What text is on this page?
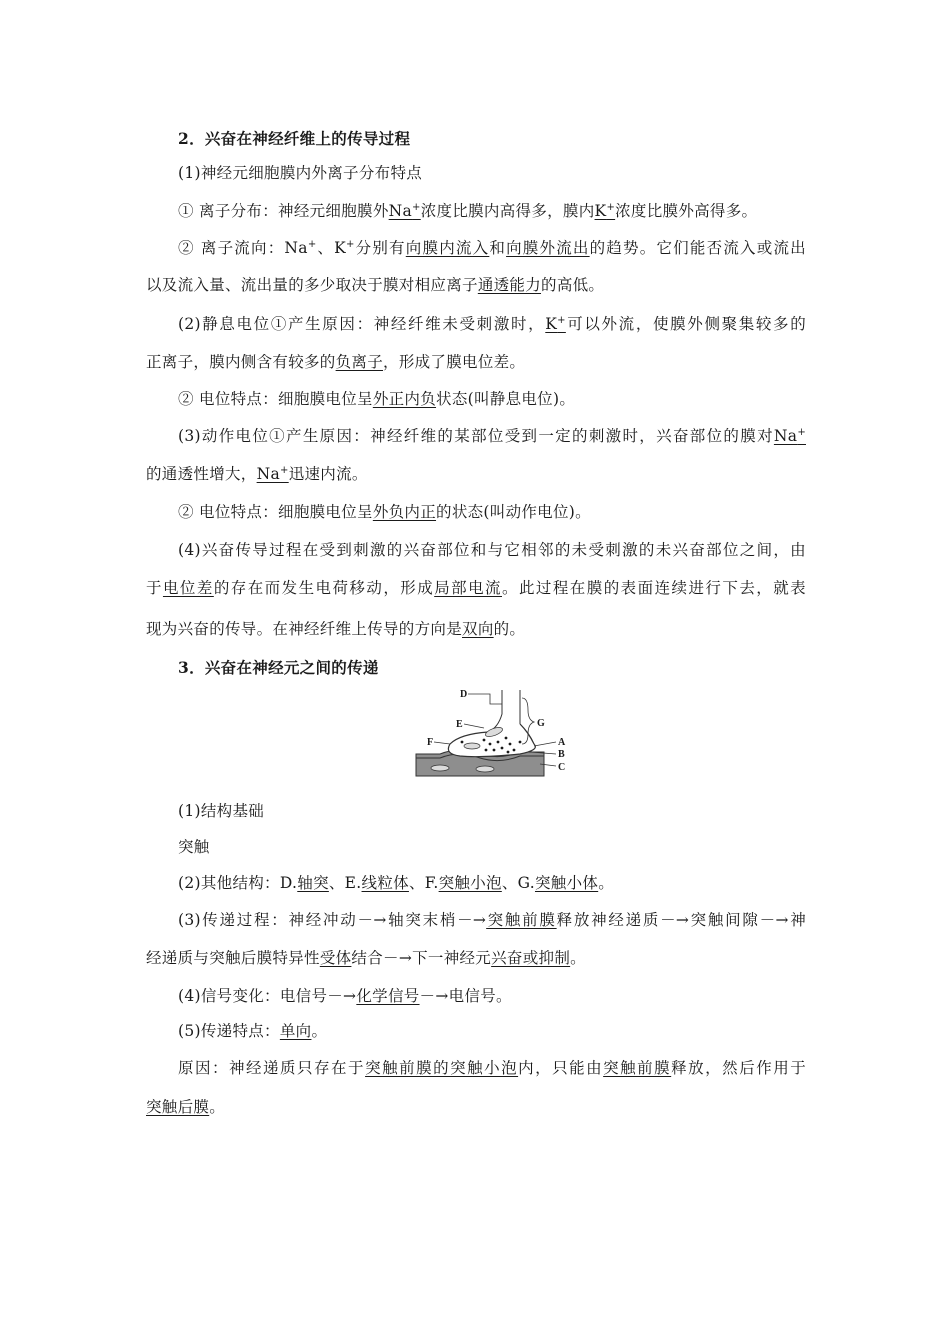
2．兴奋在神经纤维上的传导过程
(1)神经元细胞膜内外离子分布特点
① 离子分布：神经元细胞膜外Na+浓度比膜内高得多，膜内K+浓度比膜外高得多。
② 离子流向：Na+、K+分别有向膜内流入和向膜外流出的趋势。它们能否流入或流出
以及流入量、流出量的多少取决于膜对相应离子通透能力的高低。
(2)静息电位①产生原因：神经纤维未受刺激时，K+可以外流，使膜外侧聚集较多的
正离子，膜内侧含有较多的负离子，形成了膜电位差。
② 电位特点：细胞膜电位呈外正内负状态(叫静息电位)。
(3)动作电位①产生原因：神经纤维的某部位受到一定的刺激时，兴奋部位的膜对Na+
的通透性增大，Na+迅速内流。
② 电位特点：细胞膜电位呈外负内正的状态(叫动作电位)。
(4)兴奋传导过程在受到刺激的兴奋部位和与它相邻的未受刺激的未兴奋部位之间，由
于电位差的存在而发生电荷移动，形成局部电流。此过程在膜的表面连续进行下去，就表
现为兴奋的传导。在神经纤维上传导的方向是双向的。
3．兴奋在神经元之间的传递
D
E
F	A
B
C
G
(1)结构基础
突触
(2)其他结构：D.轴突、E.线粒体、F.突触小泡、G.突触小体。
(3)传递过程：神经冲动－→轴突末梢－→突触前膜释放神经递质－→突触间隙－→神
经递质与突触后膜特异性受体结合－→下一神经元兴奋或抑制。
(4)信号变化：电信号－→化学信号－→电信号。
(5)传递特点：单向。
原因：神经递质只存在于突触前膜的突触小泡内，只能由突触前膜释放，然后作用于
突触后膜。
